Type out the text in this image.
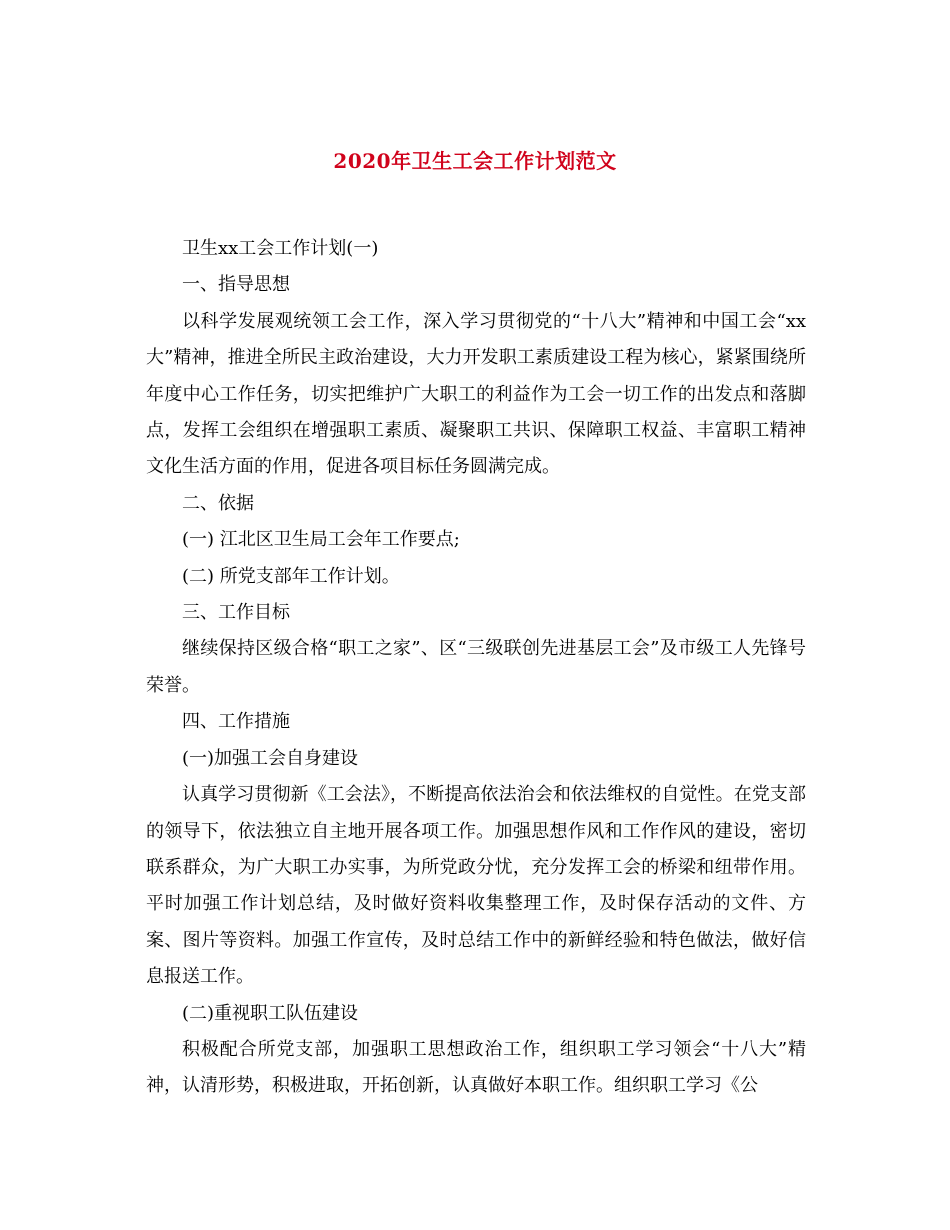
2020年卫生工会工作计划范文

卫生xx工会工作计划(一)

一、指导思想

以科学发展观统领工会工作，深入学习贯彻党的“十八大”精神和中国工会“xx大”精神，推进全所民主政治建设，大力开发职工素质建设工程为核心，紧紧围绕所年度中心工作任务，切实把维护广大职工的利益作为工会一切工作的出发点和落脚点，发挥工会组织在增强职工素质、凝聚职工共识、保障职工权益、丰富职工精神文化生活方面的作用，促进各项目标任务圆满完成。

二、依据

(一) 江北区卫生局工会年工作要点;

(二) 所党支部年工作计划。

三、工作目标

继续保持区级合格“职工之家”、区“三级联创先进基层工会”及市级工人先锋号荣誉。

四、工作措施

(一)加强工会自身建设

认真学习贯彻新《工会法》，不断提高依法治会和依法维权的自觉性。在党支部的领导下，依法独立自主地开展各项工作。加强思想作风和工作作风的建设，密切联系群众，为广大职工办实事，为所党政分忧，充分发挥工会的桥梁和纽带作用。平时加强工作计划总结，及时做好资料收集整理工作，及时保存活动的文件、方案、图片等资料。加强工作宣传，及时总结工作中的新鲜经验和特色做法，做好信息报送工作。

(二)重视职工队伍建设

积极配合所党支部，加强职工思想政治工作，组织职工学习领会“十八大”精神，认清形势，积极进取，开拓创新，认真做好本职工作。组织职工学习《公
